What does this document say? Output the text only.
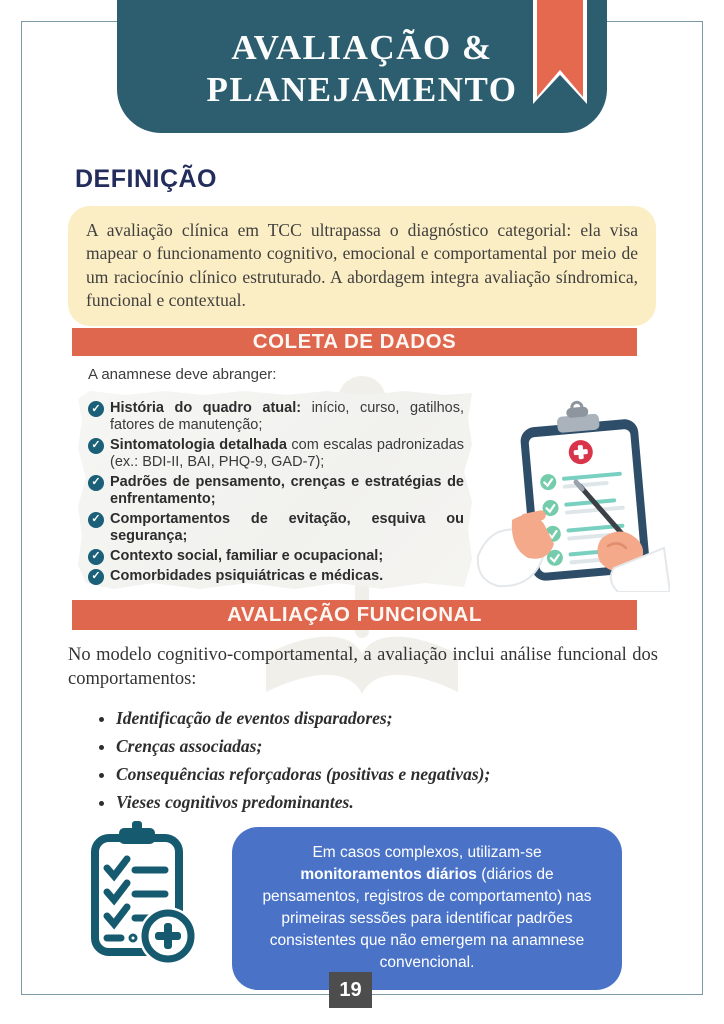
AVALIAÇÃO &
PLANEJAMENTO
DEFINIÇÃO

A avaliação clínica em TCC ultrapassa o diagnóstico categorial: ela visa mapear o funcionamento cognitivo, emocional e comportamental por meio de um raciocínio clínico estruturado. A abordagem integra avaliação síndromica, funcional e contextual.

COLETA DE DADOS
A anamnese deve abranger:
✓ História do quadro atual: início, curso, gatilhos, fatores de manutenção;
✓ Sintomatologia detalhada com escalas padronizadas (ex.: BDI-II, BAI, PHQ-9, GAD-7);
✓ Padrões de pensamento, crenças e estratégias de enfrentamento;
✓ Comportamentos de evitação, esquiva ou segurança;
✓ Contexto social, familiar e ocupacional;
✓ Comorbidades psiquiátricas e médicas.
AVALIAÇÃO FUNCIONAL

No modelo cognitivo-comportamental, a avaliação inclui análise funcional dos comportamentos:

• Identificação de eventos disparadores;
• Crenças associadas;
• Consequências reforçadoras (positivas e negativas);
• Vieses cognitivos predominantes.

Em casos complexos, utilizam-se monitoramentos diários (diários de pensamentos, registros de comportamento) nas primeiras sessões para identificar padrões consistentes que não emergem na anamnese convencional.

19
